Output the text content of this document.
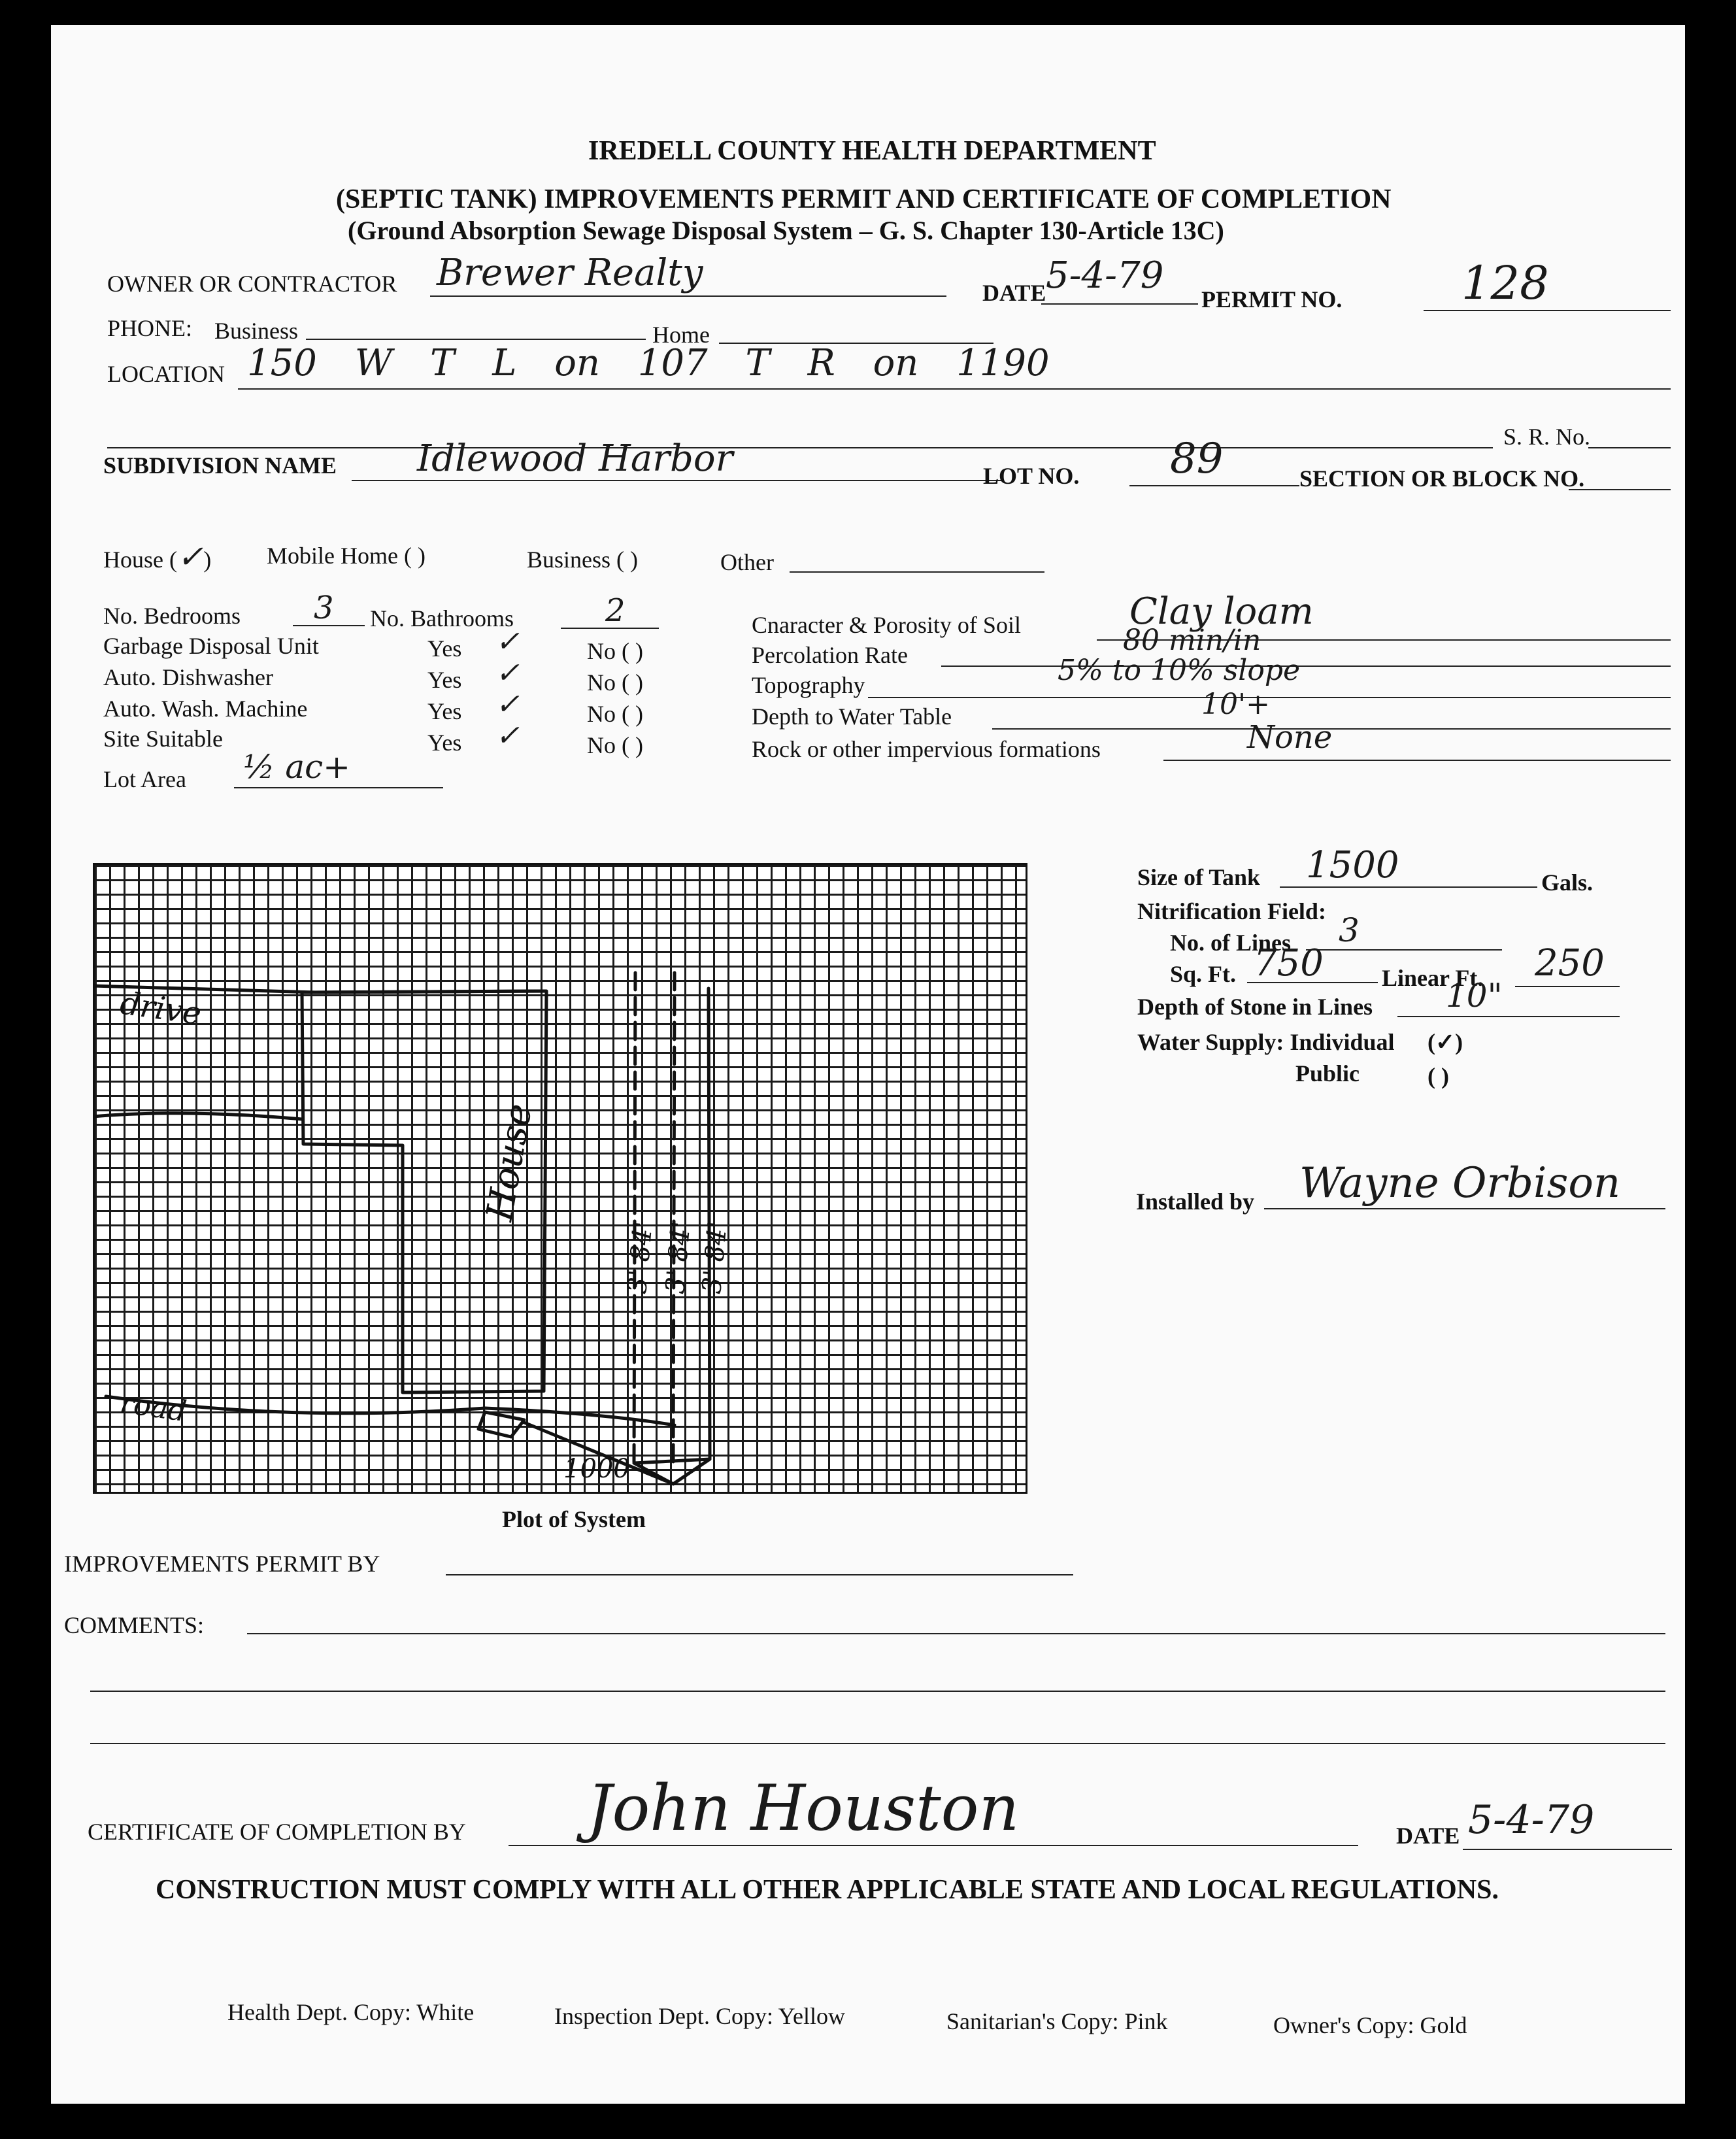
IREDELL COUNTY HEALTH DEPARTMENT
(SEPTIC TANK) IMPROVEMENTS PERMIT AND CERTIFICATE OF COMPLETION
(Ground Absorption Sewage Disposal System – G. S. Chapter 130-Article 13C)
OWNER OR CONTRACTOR Brewer Realty	DATE 5-4-79
PERMIT NO.	128
PHONE: Business	Home
LOCATION 150 W T L on 107 T R on 1190
S. R. No.
SUBDIVISION NAME Idlewood Harbor	LOT NO. 89	SECTION OR BLOCK NO.
House (✓) Mobile Home ( )	Business ( )	Other
No. Bedrooms 3 No. Bathrooms	2
Garbage Disposal Unit	Yes ✓	No ( )
Auto. Dishwasher	Yes ✓	No ( )
Auto. Wash. Machine	Yes ✓	No ( )
Site Suitable	Yes ✓	No ( )
Cnaracter & Porosity of Soil	Clay loam
Percolation Rate	80 min/in
Topography	5% to 10% slope
Depth to Water Table	10'+
Rock or other impervious formations	None
Lot Area ½ ac+
drive
House
3' 84' 3' 84' 3' 84'
road
1000
Plot of System
Size of Tank 1500	Gals.
Nitrification Field:
No. of Lines 3
Sq. Ft. 750 Linear Ft. 250
Depth of Stone in Lines 10"
Water Supply: Individual (✓)
Public	( )
Installed by Wayne Orbison
IMPROVEMENTS PERMIT BY
COMMENTS:
CERTIFICATE OF COMPLETION BY John Houston	DATE 5-4-79
CONSTRUCTION MUST COMPLY WITH ALL OTHER APPLICABLE STATE AND LOCAL REGULATIONS.
Health Dept. Copy: White	Inspection Dept. Copy: Yellow	Sanitarian's Copy: Pink	Owner's Copy: Gold
